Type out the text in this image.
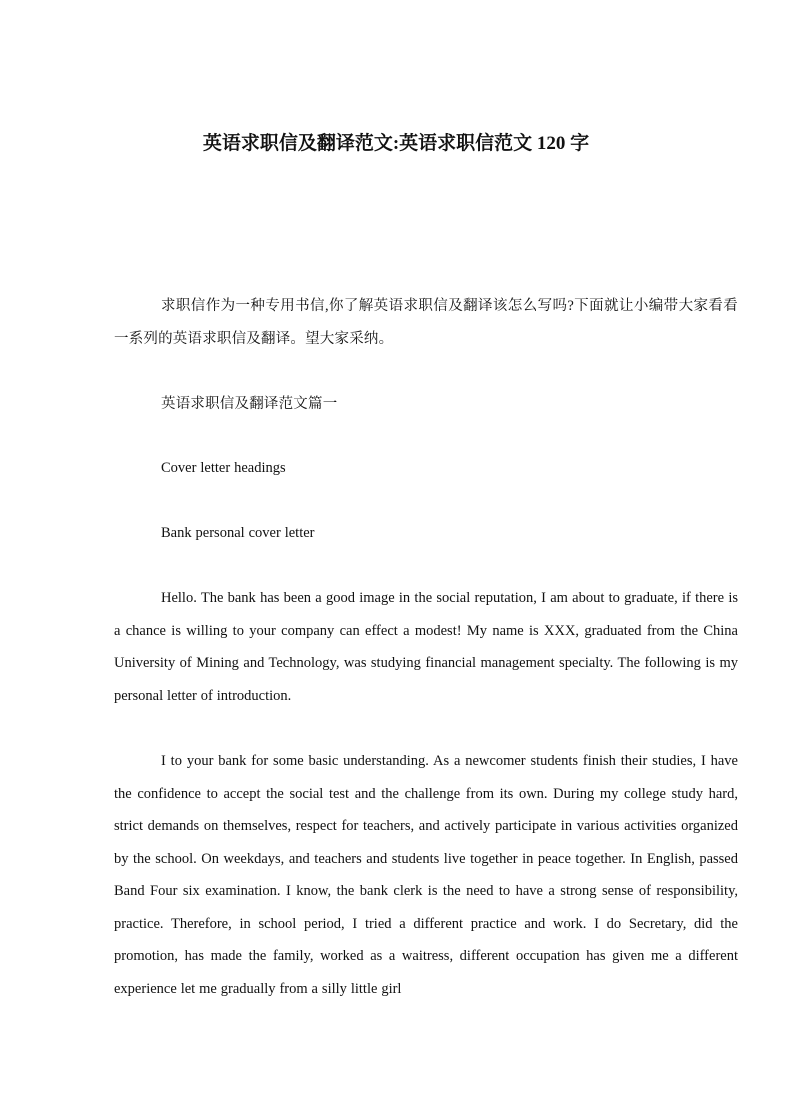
英语求职信及翻译范文:英语求职信范文 120 字

求职信作为一种专用书信,你了解英语求职信及翻译该怎么写吗?下面就让小编带大家看看一系列的英语求职信及翻译。望大家采纳。

英语求职信及翻译范文篇一

Cover letter headings

Bank personal cover letter

Hello. The bank has been a good image in the social reputation, I am about to graduate, if there is a chance is willing to your company can effect a modest! My name is XXX, graduated from the China University of Mining and Technology, was studying financial management specialty. The following is my personal letter of introduction.

I to your bank for some basic understanding. As a newcomer students finish their studies, I have the confidence to accept the social test and the challenge from its own. During my college study hard, strict demands on themselves, respect for teachers, and actively participate in various activities organized by the school. On weekdays, and teachers and students live together in peace together. In English, passed Band Four six examination. I know, the bank clerk is the need to have a strong sense of responsibility, practice. Therefore, in school period, I tried a different practice and work. I do Secretary, did the promotion, has made the family, worked as a waitress, different occupation has given me a different experience let me gradually from a silly little girl
